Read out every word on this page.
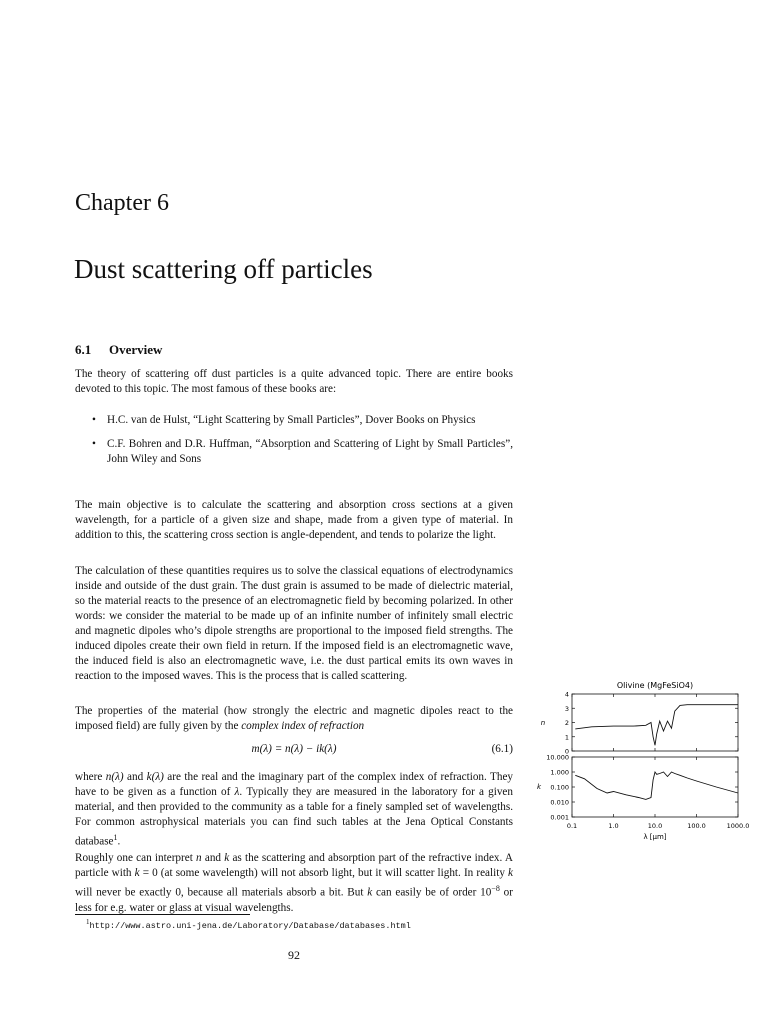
Chapter 6
Dust scattering off particles
6.1 Overview

The theory of scattering off dust particles is a quite advanced topic. There are entire books devoted to this topic. The most famous of these books are:

• H.C. van de Hulst, “Light Scattering by Small Particles”, Dover Books on Physics
• C.F. Bohren and D.R. Huffman, “Absorption and Scattering of Light by Small Particles”, John Wiley and Sons

The main objective is to calculate the scattering and absorption cross sections at a given wavelength, for a particle of a given size and shape, made from a given type of material. In addition to this, the scattering cross section is angle-dependent, and tends to polarize the light.

The calculation of these quantities requires us to solve the classical equations of electrodynamics inside and outside of the dust grain. The dust grain is assumed to be made of dielectric material, so the material reacts to the presence of an electromagnetic field by becoming polarized. In other words: we consider the material to be made up of an infinite number of infinitely small electric and magnetic dipoles who’s dipole strengths are proportional to the imposed field strengths. The induced dipoles create their own field in return. If the imposed field is an electromagnetic wave, the induced field is also an electromagnetic wave, i.e. the dust partical emits its own waves in reaction to the imposed waves. This is the process that is called scattering.

The properties of the material (how strongly the electric and magnetic dipoles react to the imposed field) are fully given by the complex index of refraction

m(λ) = n(λ) − ik(λ)	(6.1)

where n(λ) and k(λ) are the real and the imaginary part of the complex index of refraction. They have to be given as a function of λ. Typically they are measured in the laboratory for a given material, and then provided to the community as a table for a finely sampled set of wavelengths. For common astrophysical materials you can find such tables at the Jena Optical Constants database$^1$.

Roughly one can interpret n and k as the scattering and absorption part of the refractive index. A particle with k = 0 (at some wavelength) will not absorb light, but it will scatter light. In reality k will never be exactly 0, because all materials absorb a bit. But k can easily be of order $10^{-8}$ or less for e.g. water or glass at visual wavelengths.

$^1$http://www.astro.uni-jena.de/Laboratory/Database/databases.html
92
Olivine (MgFeSiO4)
0
1
2
3
4
0.001
0.010
0.100
1.000
10.000
0.1	1.0	10.0	100.0	1000.0
n
k
λ [μm]
